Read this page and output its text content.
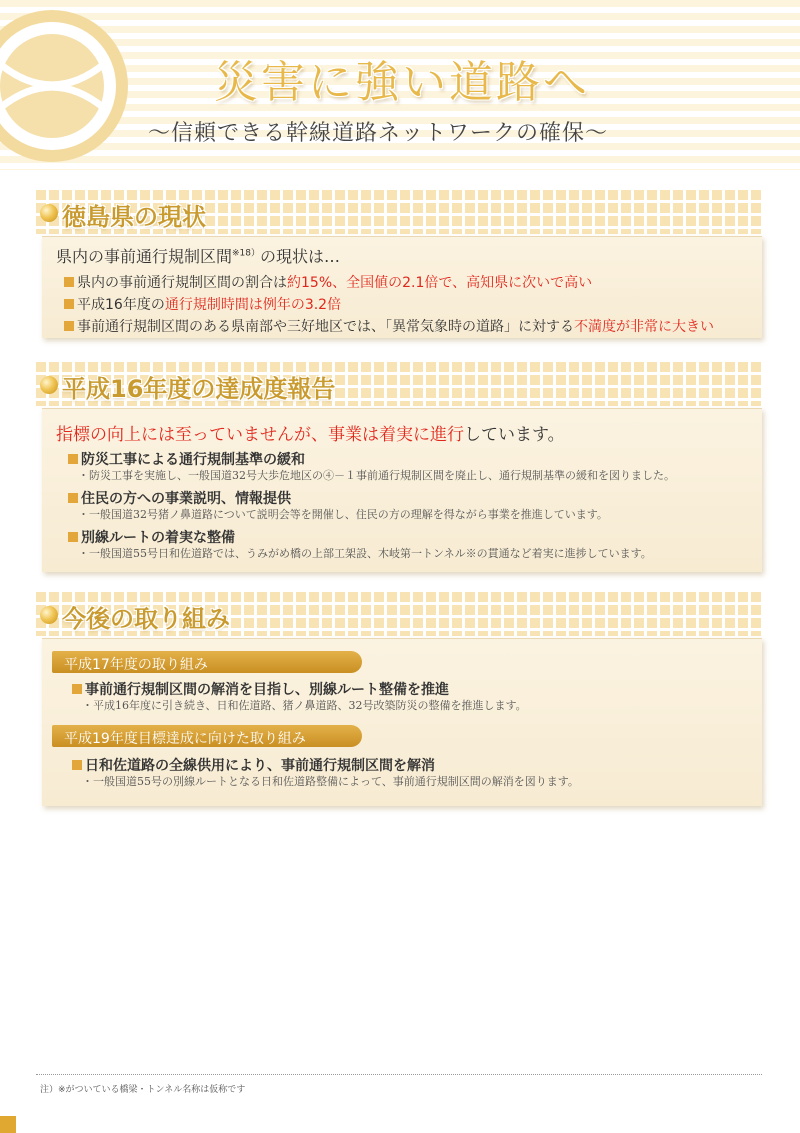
災害に強い道路へ
～信頼できる幹線道路ネットワークの確保～
徳島県の現状
県内の事前通行規制区間$^{※18)}$の現状は…
県内の事前通行規制区間の割合は約15%、全国値の2.1倍で、高知県に次いで高い
平成16年度の通行規制時間は例年の3.2倍
事前通行規制区間のある県南部や三好地区では、「異常気象時の道路」に対する不満度が非常に大きい
平成16年度の達成度報告
指標の向上には至っていませんが、事業は着実に進行しています。
防災工事による通行規制基準の緩和
・防災工事を実施し、一般国道32号大歩危地区の④－１事前通行規制区間を廃止し、通行規制基準の緩和を図りました。
住民の方への事業説明、情報提供
・一般国道32号猪ノ鼻道路について説明会等を開催し、住民の方の理解を得ながら事業を推進しています。
別線ルートの着実な整備
・一般国道55号日和佐道路では、うみがめ橋の上部工架設、木岐第一トンネル※の貫通など着実に進捗しています。
今後の取り組み
平成17年度の取り組み
事前通行規制区間の解消を目指し、別線ルート整備を推進
・平成16年度に引き続き、日和佐道路、猪ノ鼻道路、32号改築防災の整備を推進します。
平成19年度目標達成に向けた取り組み
日和佐道路の全線供用により、事前通行規制区間を解消
・一般国道55号の別線ルートとなる日和佐道路整備によって、事前通行規制区間の解消を図ります。
注）※がついている橋梁・トンネル名称は仮称です
